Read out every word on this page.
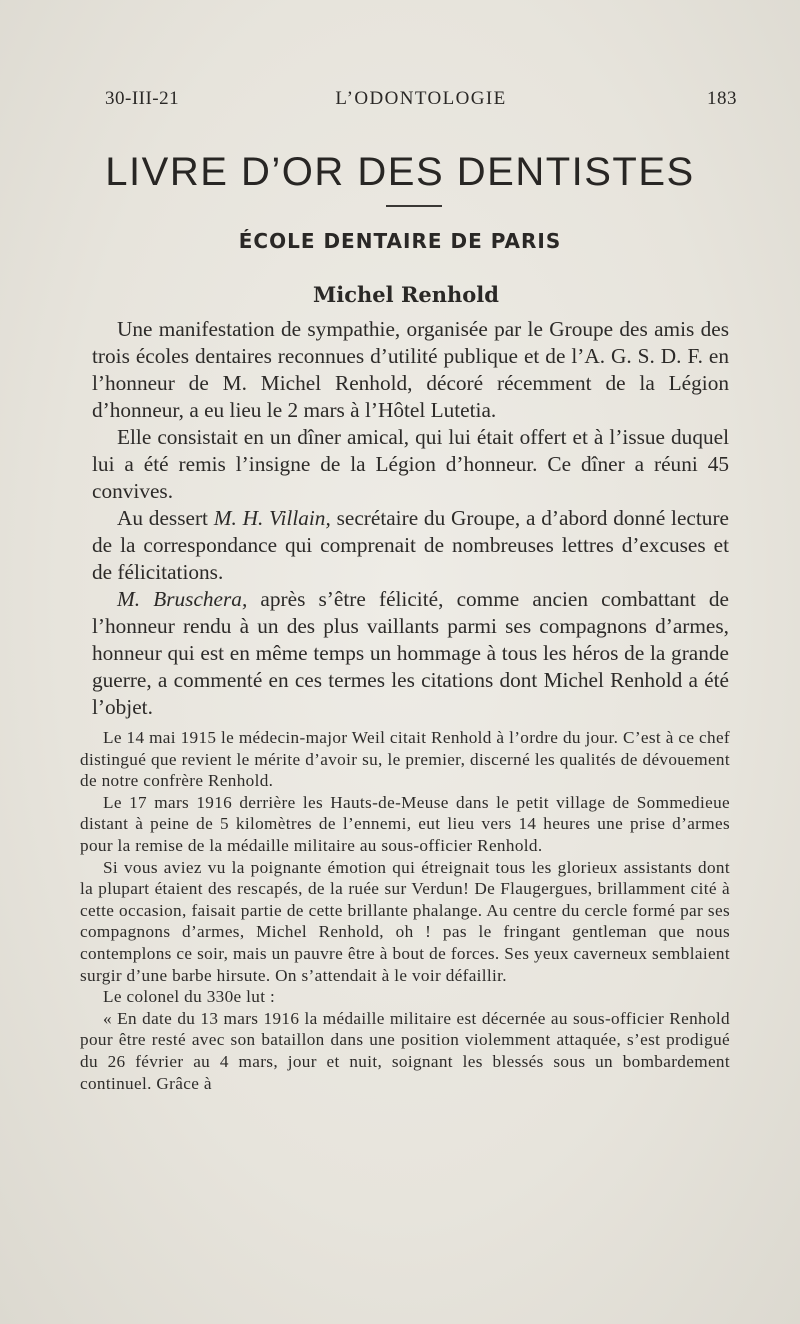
30-III-21	L’ODONTOLOGIE	183
LIVRE D’OR DES DENTISTES
ÉCOLE DENTAIRE DE PARIS
Michel Renhold

Une manifestation de sympathie, organisée par le Groupe des amis des trois écoles dentaires reconnues d’utilité publique et de l’A. G. S. D. F. en l’honneur de M. Michel Renhold, décoré récemment de la Légion d’honneur, a eu lieu le 2 mars à l’Hôtel Lutetia.

Elle consistait en un dîner amical, qui lui était offert et à l’issue duquel lui a été remis l’insigne de la Légion d’honneur. Ce dîner a réuni 45 convives.

Au dessert M. H. Villain, secrétaire du Groupe, a d’abord donné lecture de la correspondance qui comprenait de nombreuses lettres d’excuses et de félicitations.

M. Bruschera, après s’être félicité, comme ancien combattant de l’honneur rendu à un des plus vaillants parmi ses compagnons d’armes, honneur qui est en même temps un hommage à tous les héros de la grande guerre, a commenté en ces termes les citations dont Michel Renhold a été l’objet.

Le 14 mai 1915 le médecin-major Weil citait Renhold à l’ordre du jour. C’est à ce chef distingué que revient le mérite d’avoir su, le premier, discerné les qualités de dévouement de notre confrère Renhold.

Le 17 mars 1916 derrière les Hauts-de-Meuse dans le petit village de Sommedieue distant à peine de 5 kilomètres de l’ennemi, eut lieu vers 14 heures une prise d’armes pour la remise de la médaille militaire au sous-officier Renhold.

Si vous aviez vu la poignante émotion qui étreignait tous les glorieux assistants dont la plupart étaient des rescapés, de la ruée sur Verdun! De Flaugergues, brillamment cité à cette occasion, faisait partie de cette brillante phalange. Au centre du cercle formé par ses compagnons d’armes, Michel Renhold, oh ! pas le fringant gentleman que nous contemplons ce soir, mais un pauvre être à bout de forces. Ses yeux caverneux semblaient surgir d’une barbe hirsute. On s’attendait à le voir défaillir.

Le colonel du 330e lut :

« En date du 13 mars 1916 la médaille militaire est décernée au sous-officier Renhold pour être resté avec son bataillon dans une position violemment attaquée, s’est prodigué du 26 février au 4 mars, jour et nuit, soignant les blessés sous un bombardement continuel. Grâce à
